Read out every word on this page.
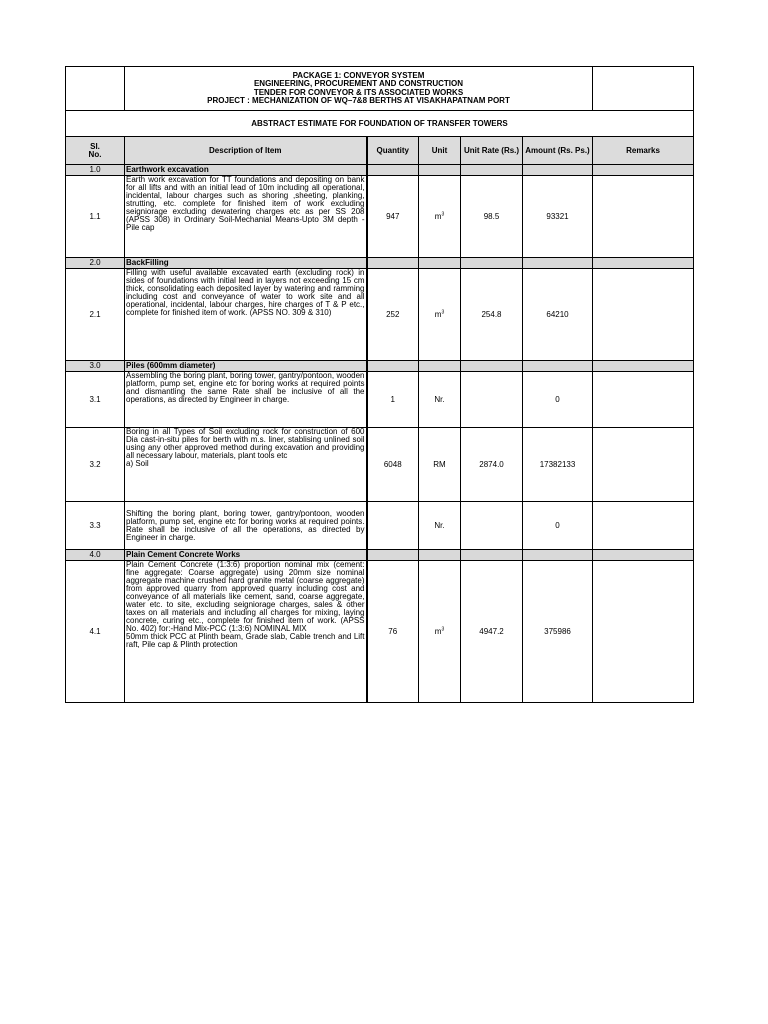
	PACKAGE 1: CONVEYOR SYSTEM
ENGINEERING, PROCUREMENT AND CONSTRUCTION
TENDER FOR CONVEYOR & ITS ASSOCIATED WORKS
PROJECT : MECHANIZATION OF WQ–7&8 BERTHS AT VISAKHAPATNAM PORT					

ABSTRACT ESTIMATE FOR FOUNDATION OF TRANSFER TOWERS						

Sl.
No.	Description of Item	Quantity	Unit	Unit Rate (Rs.)	Amount (Rs. Ps.)	Remarks
1.0	Earthwork excavation					
1.1	Earth work excavation for TT foundations and depositing on bank for all lifts and with an initial lead of 10m including all operational, incidental, labour charges such as shoring ,sheeting, planking, strutting, etc. complete for finished item of work excluding seigniorage excluding dewatering charges etc as per SS 208 (APSS 308) in Ordinary Soil-Mechanial Means-Upto 3M depth - Pile cap	947	$m^3$	98.5	93321	
2.0	BackFilling					
2.1	Filling with useful available excavated earth (excluding rock) in sides of foundations with initial lead in layers not exceeding 15 cm thick, consolidating each deposited layer by watering and ramming including cost and conveyance of water to work site and all operational, incidental, labour charges, hire charges of T & P etc., complete for finished item of work. (APSS NO. 309 & 310)	252	$m^3$	254.8	64210	
3.0	Piles (600mm diameter)					
3.1	Assembling the boring plant, boring tower, gantry/pontoon, wooden platform, pump set, engine etc for boring works at required points and dismantling the same Rate shall be inclusive of all the operations, as directed by Engineer in charge.	1	Nr.		0	
3.2	Boring in all Types of Soil excluding rock for construction of 600 Dia cast-in-situ piles for berth with m.s. liner, stablising unlined soil using any other approved method during excavation and providing all necessary labour, materials, plant tools etc
a) Soil	6048	RM	2874.0	17382133	
3.3	Shifting the boring plant, boring tower, gantry/pontoon, wooden platform, pump set, engine etc for boring works at required points. Rate shall be inclusive of all the operations, as directed by Engineer in charge.		Nr.		0	
4.0	Plain Cement Concrete Works					
4.1	Plain Cement Concrete (1:3:6) proportion nominal mix (cement: fine aggregate: Coarse aggregate) using 20mm size nominal aggregate machine crushed hard granite metal (coarse aggregate) from approved quarry from approved quarry including cost and conveyance of all materials like cement, sand, coarse aggregate, water etc. to site, excluding seigniorage charges, sales & other taxes on all materials and including all charges for mixing, laying concrete, curing etc., complete for finished item of work. (APSS No. 402) for:-Hand Mix-PCC (1:3:6) NOMINAL MIX
50mm thick PCC at Plinth beam, Grade slab, Cable trench and Lift raft, Pile cap & Plinth protection	76	$m^3$	4947.2	375986	
